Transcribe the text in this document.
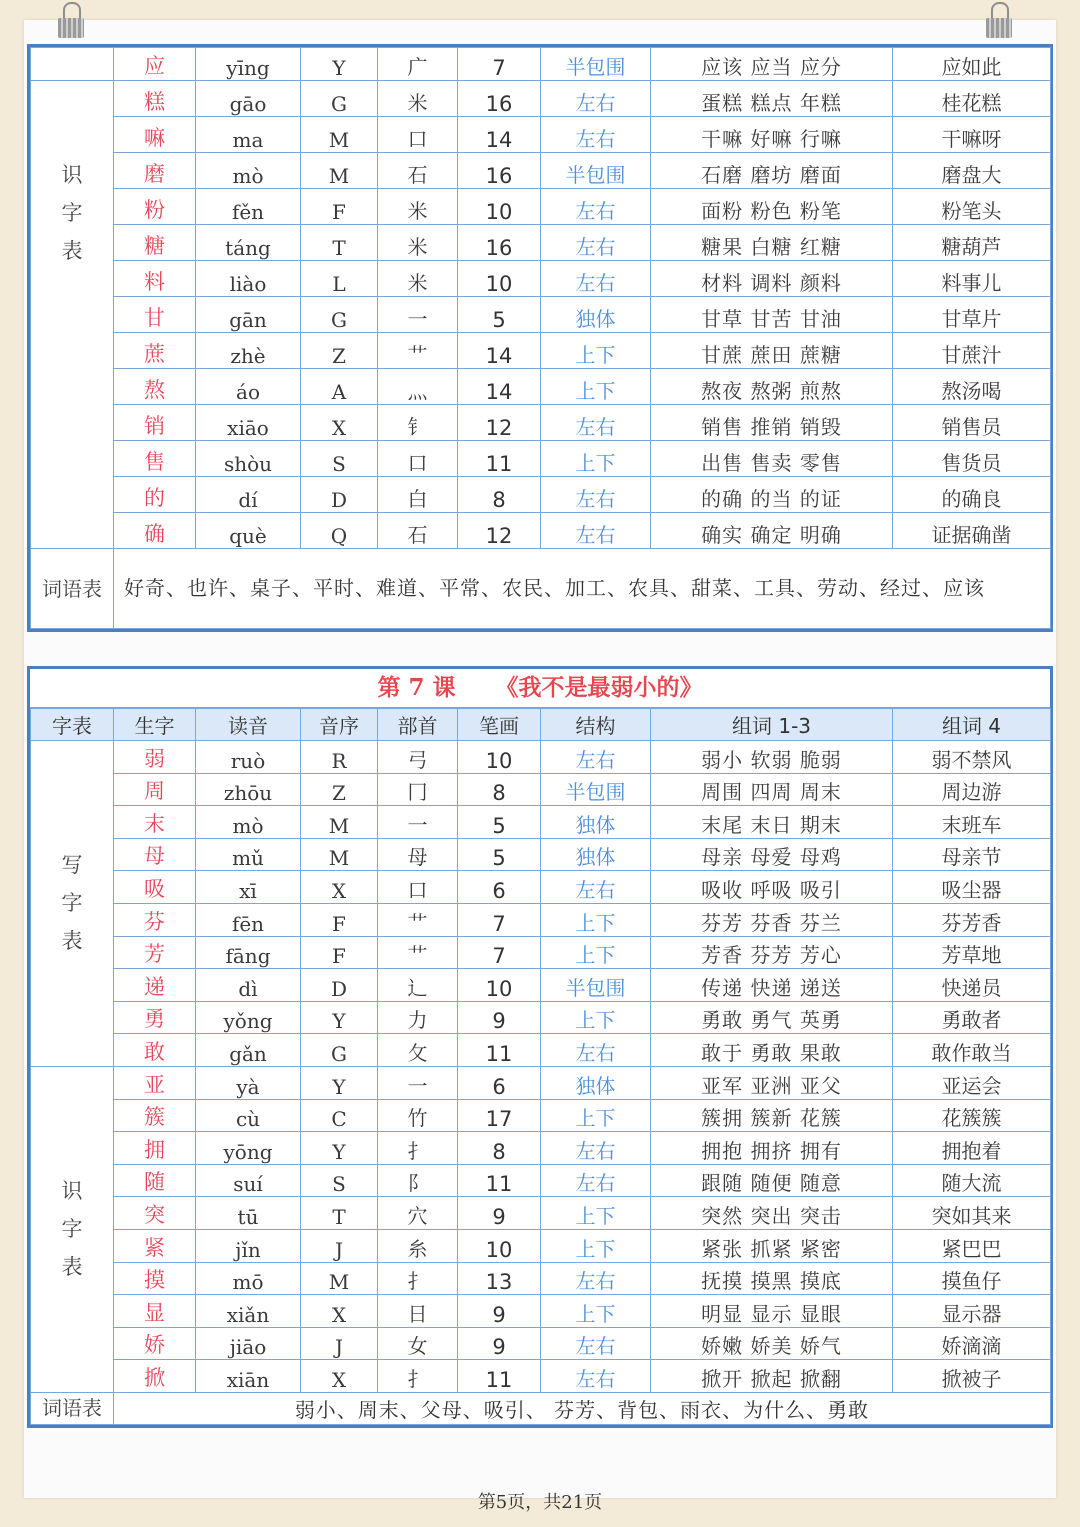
	应	yīng	Y	广	7	半包围	应该 应当 应分	应如此

识
字
表	糕	gāo	G	米	16	左右	蛋糕 糕点 年糕	桂花糕
	嘛	ma	M	口	14	左右	干嘛 好嘛 行嘛	干嘛呀
	磨	mò	M	石	16	半包围	石磨 磨坊 磨面	磨盘大
	粉	fěn	F	米	10	左右	面粉 粉色 粉笔	粉笔头
	糖	táng	T	米	16	左右	糖果 白糖 红糖	糖葫芦
	料	liào	L	米	10	左右	材料 调料 颜料	料事儿
	甘	gān	G	一	5	独体	甘草 甘苦 甘油	甘草片
	蔗	zhè	Z	艹	14	上下	甘蔗 蔗田 蔗糖	甘蔗汁
	熬	áo	A	灬	14	上下	熬夜 熬粥 煎熬	熬汤喝
	销	xiāo	X	钅	12	左右	销售 推销 销毁	销售员
	售	shòu	S	口	11	上下	出售 售卖 零售	售货员
	的	dí	D	白	8	左右	的确 的当 的证	的确良
	确	què	Q	石	12	左右	确实 确定 明确	证据确凿
词语表	好奇、也许、桌子、平时、难道、平常、农民、加工、农具、甜菜、工具、劳动、经过、应该							
第 7 课 《我不是最弱小的》
字表	生字	读音	音序	部首	笔画	结构	组词 1-3	组词 4

写
字
表	弱	ruò	R	弓	10	左右	弱小 软弱 脆弱	弱不禁风
	周	zhōu	Z	冂	8	半包围	周围 四周 周末	周边游
	末	mò	M	一	5	独体	末尾 末日 期末	末班车
	母	mǔ	M	母	5	独体	母亲 母爱 母鸡	母亲节
	吸	xī	X	口	6	左右	吸收 呼吸 吸引	吸尘器
	芬	fēn	F	艹	7	上下	芬芳 芬香 芬兰	芬芳香
	芳	fāng	F	艹	7	上下	芳香 芬芳 芳心	芳草地
	递	dì	D	辶	10	半包围	传递 快递 递送	快递员
	勇	yǒng	Y	力	9	上下	勇敢 勇气 英勇	勇敢者
	敢	gǎn	G	攵	11	左右	敢于 勇敢 果敢	敢作敢当

识
字
表	亚	yà	Y	一	6	独体	亚军 亚洲 亚父	亚运会
	簇	cù	C	竹	17	上下	簇拥 簇新 花簇	花簇簇
	拥	yōng	Y	扌	8	左右	拥抱 拥挤 拥有	拥抱着
	随	suí	S	阝	11	左右	跟随 随便 随意	随大流
	突	tū	T	穴	9	上下	突然 突出 突击	突如其来
	紧	jǐn	J	糸	10	上下	紧张 抓紧 紧密	紧巴巴
	摸	mō	M	扌	13	左右	抚摸 摸黑 摸底	摸鱼仔
	显	xiǎn	X	日	9	上下	明显 显示 显眼	显示器
	娇	jiāo	J	女	9	左右	娇嫩 娇美 娇气	娇滴滴
	掀	xiān	X	扌	11	左右	掀开 掀起 掀翻	掀被子
词语表	弱小、周末、父母、吸引、 芬芳、背包、雨衣、为什么、勇敢							
第5页，共21页
